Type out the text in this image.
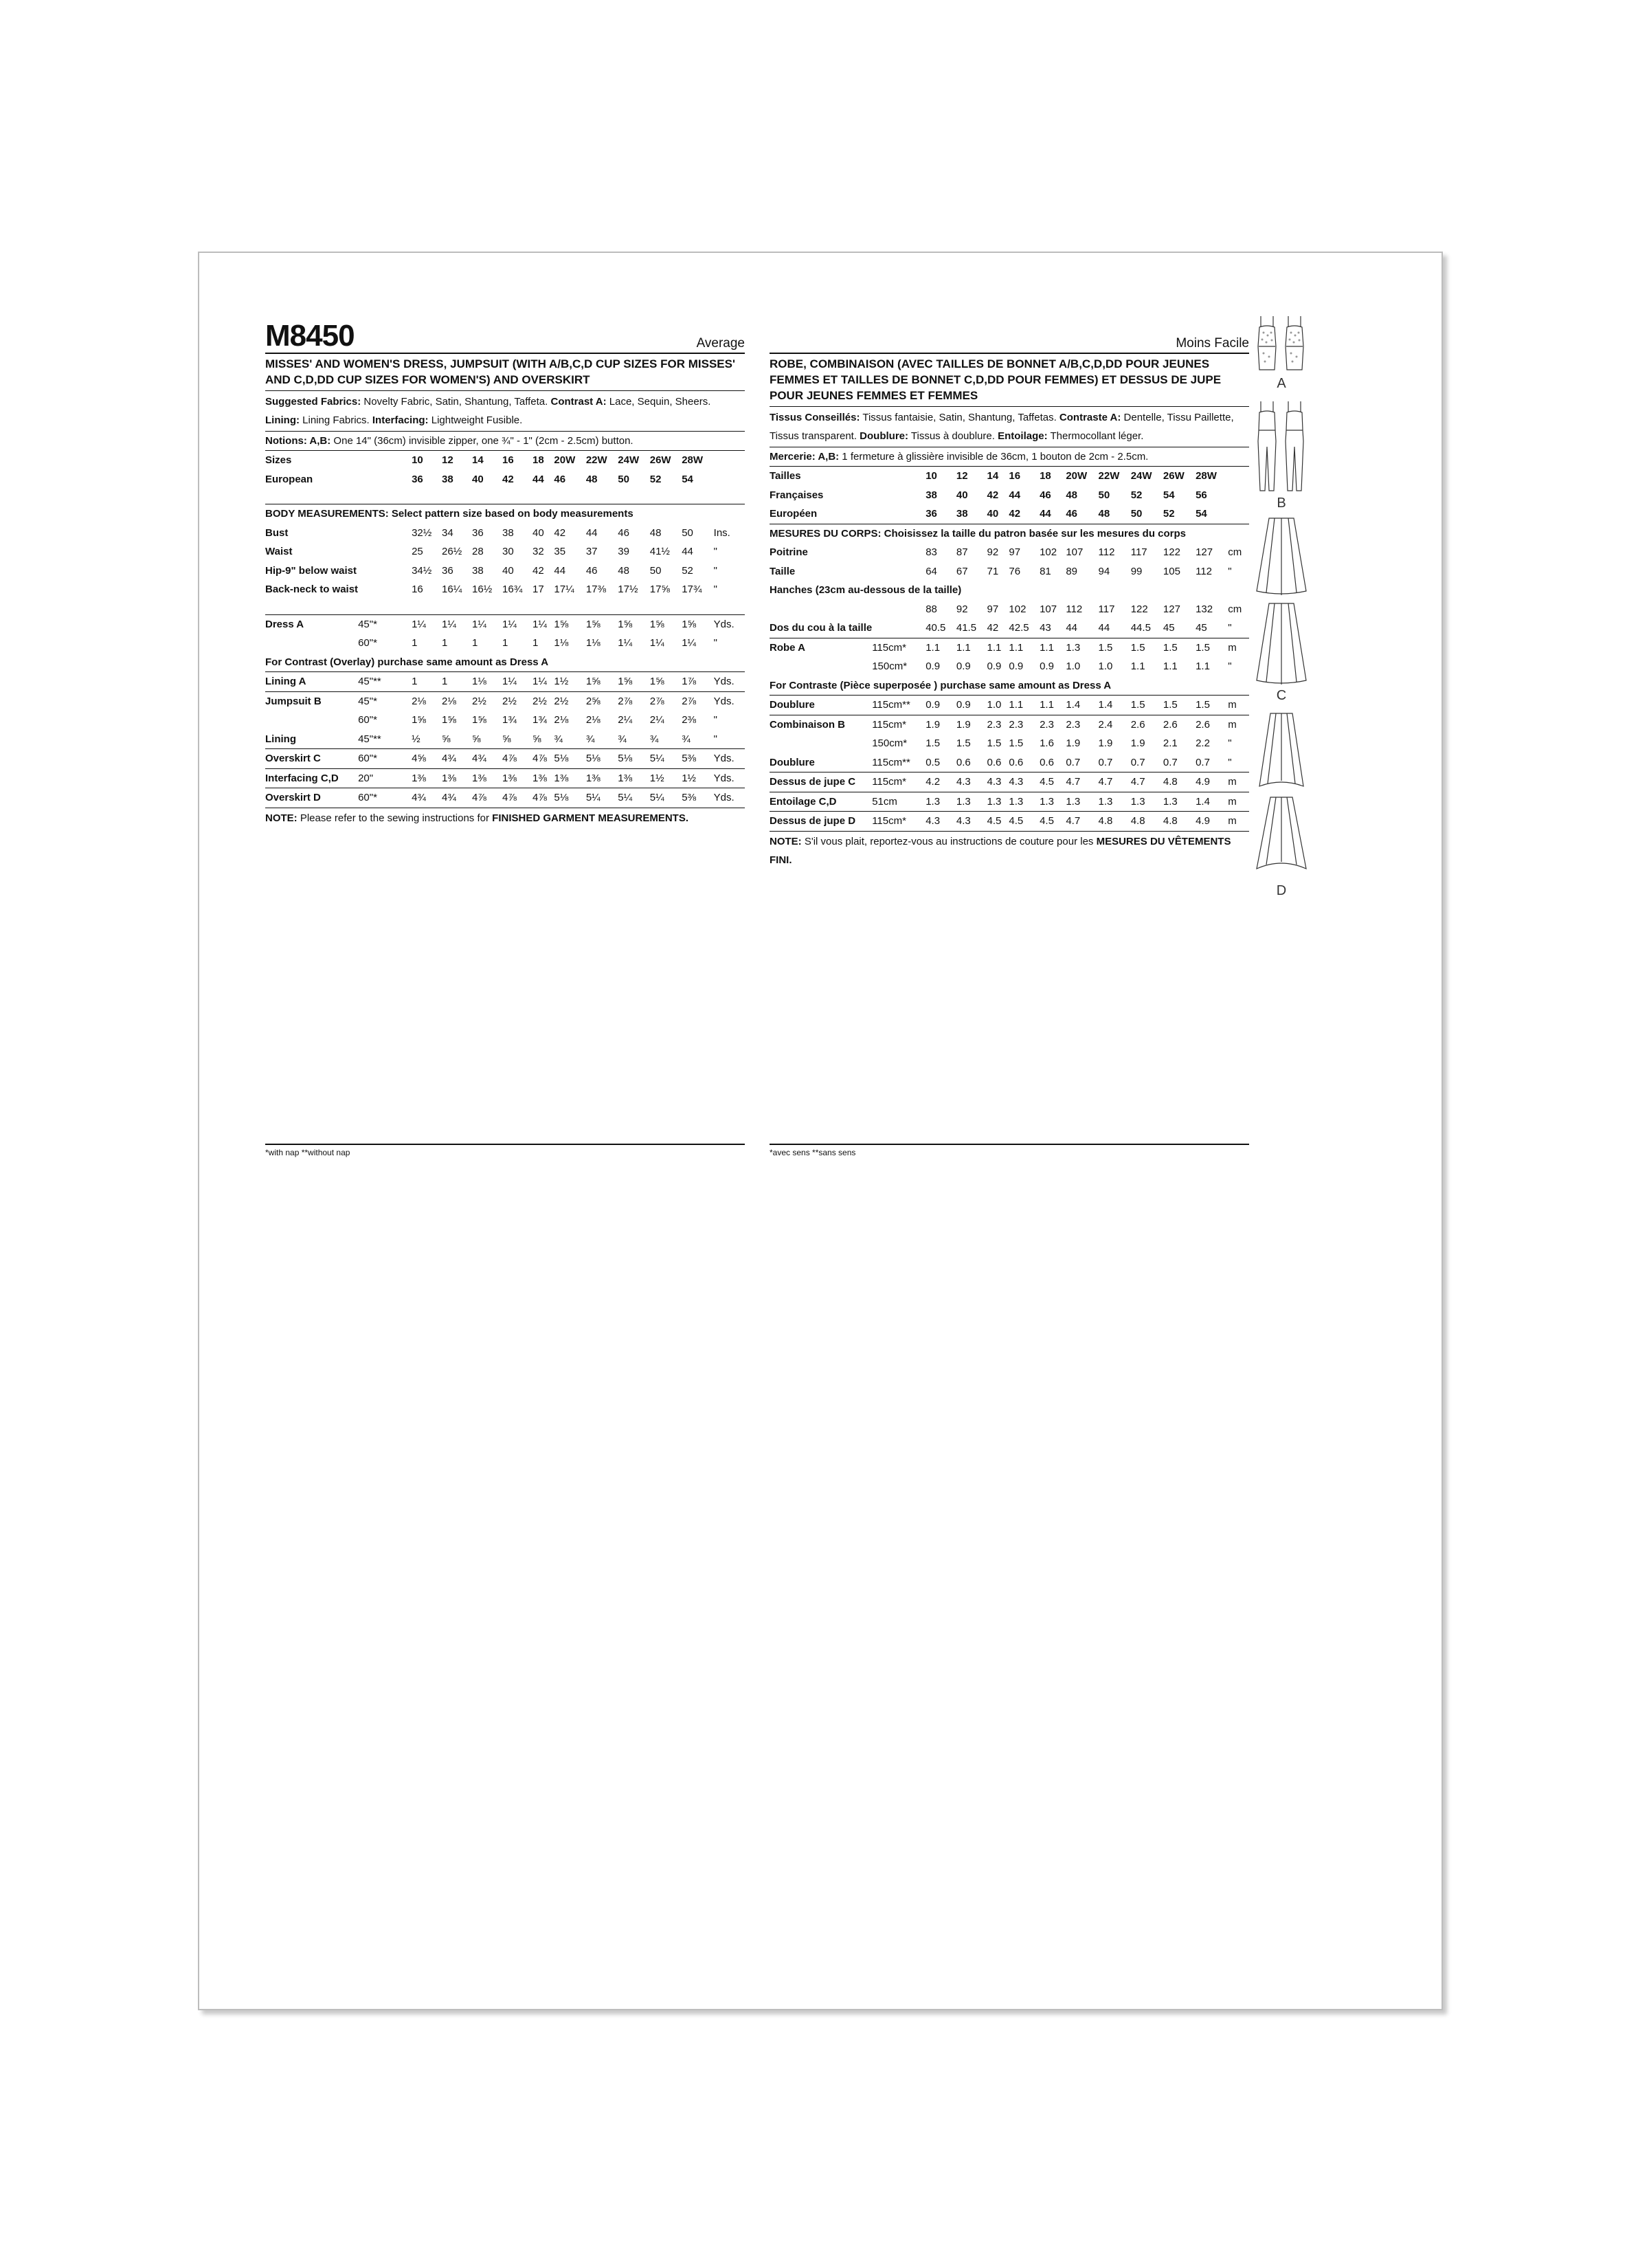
M8450	Average
MISSES' AND WOMEN'S DRESS, JUMPSUIT (WITH A/B,C,D CUP SIZES FOR MISSES' AND C,D,DD CUP SIZES FOR WOMEN'S) AND OVERSKIRT
Suggested Fabrics: Novelty Fabric, Satin, Shantung, Taffeta. Contrast A: Lace, Sequin, Sheers.
Lining: Lining Fabrics. Interfacing: Lightweight Fusible.
Notions: A,B: One 14" (36cm) invisible zipper, one ¾" - 1" (2cm - 2.5cm) button.
Sizes		10	12	14	16	18	20W	22W	24W	26W	28W	
European		36	38	40	42	44	46	48	50	52	54	

BODY MEASUREMENTS: Select pattern size based on body measurements												
Bust		32½	34	36	38	40	42	44	46	48	50	Ins.
Waist		25	26½	28	30	32	35	37	39	41½	44	"
Hip-9" below waist		34½	36	38	40	42	44	46	48	50	52	"
Back-neck to waist		16	16¼	16½	16¾	17	17¼	17⅜	17½	17⅝	17¾	"

Dress A	45"*	1¼	1¼	1¼	1¼	1¼	1⅝	1⅝	1⅝	1⅝	1⅝	Yds.
	60"*	1	1	1	1	1	1⅛	1⅛	1¼	1¼	1¼	"
For Contrast (Overlay) purchase same amount as Dress A												
Lining A	45"**	1	1	1⅛	1¼	1¼	1½	1⅝	1⅝	1⅝	1⅞	Yds.
Jumpsuit B	45"*	2⅛	2⅛	2½	2½	2½	2½	2⅝	2⅞	2⅞	2⅞	Yds.
	60"*	1⅝	1⅝	1⅝	1¾	1¾	2⅛	2⅛	2¼	2¼	2⅜	"
Lining	45"**	½	⅝	⅝	⅝	⅝	¾	¾	¾	¾	¾	"
Overskirt C	60"*	4⅝	4¾	4¾	4⅞	4⅞	5⅛	5⅛	5⅛	5¼	5⅜	Yds.
Interfacing C,D	20"	1⅜	1⅜	1⅜	1⅜	1⅜	1⅜	1⅜	1⅜	1½	1½	Yds.
Overskirt D	60"*	4¾	4¾	4⅞	4⅞	4⅞	5⅛	5¼	5¼	5¼	5⅜	Yds.
NOTE: Please refer to the sewing instructions for FINISHED GARMENT MEASUREMENTS.
Moins Facile
ROBE, COMBINAISON (AVEC TAILLES DE BONNET A/B,C,D,DD POUR JEUNES FEMMES ET TAILLES DE BONNET C,D,DD POUR FEMMES) ET DESSUS DE JUPE POUR JEUNES FEMMES ET FEMMES
Tissus Conseillés: Tissus fantaisie, Satin, Shantung, Taffetas. Contraste A: Dentelle, Tissu Paillette, Tissus transparent. Doublure: Tissus à doublure. Entoilage: Thermocollant léger.
Mercerie: A,B: 1 fermeture à glissière invisible de 36cm, 1 bouton de 2cm - 2.5cm.
Tailles		10	12	14	16	18	20W	22W	24W	26W	28W	
Françaises		38	40	42	44	46	48	50	52	54	56	
Européen		36	38	40	42	44	46	48	50	52	54	
MESURES DU CORPS: Choisissez la taille du patron basée sur les mesures du corps												
Poitrine		83	87	92	97	102	107	112	117	122	127	cm
Taille		64	67	71	76	81	89	94	99	105	112	"
Hanches (23cm au-dessous de la taille)												
		88	92	97	102	107	112	117	122	127	132	cm
Dos du cou à la taille		40.5	41.5	42	42.5	43	44	44	44.5	45	45	"
Robe A	115cm*	1.1	1.1	1.1	1.1	1.1	1.3	1.5	1.5	1.5	1.5	m
	150cm*	0.9	0.9	0.9	0.9	0.9	1.0	1.0	1.1	1.1	1.1	"
For Contraste (Pièce superposée ) purchase same amount as Dress A												
Doublure	115cm**	0.9	0.9	1.0	1.1	1.1	1.4	1.4	1.5	1.5	1.5	m
Combinaison B	115cm*	1.9	1.9	2.3	2.3	2.3	2.3	2.4	2.6	2.6	2.6	m
	150cm*	1.5	1.5	1.5	1.5	1.6	1.9	1.9	1.9	2.1	2.2	"
Doublure	115cm**	0.5	0.6	0.6	0.6	0.6	0.7	0.7	0.7	0.7	0.7	"
Dessus de jupe C	115cm*	4.2	4.3	4.3	4.3	4.5	4.7	4.7	4.7	4.8	4.9	m
Entoilage C,D	51cm	1.3	1.3	1.3	1.3	1.3	1.3	1.3	1.3	1.3	1.4	m
Dessus de jupe D	115cm*	4.3	4.3	4.5	4.5	4.5	4.7	4.8	4.8	4.8	4.9	m
NOTE: S'il vous plait, reportez-vous au instructions de couture pour les MESURES DU VÊTEMENTS FINI.
*with nap **without nap	*avec sens **sans sens
A
B
C
D
